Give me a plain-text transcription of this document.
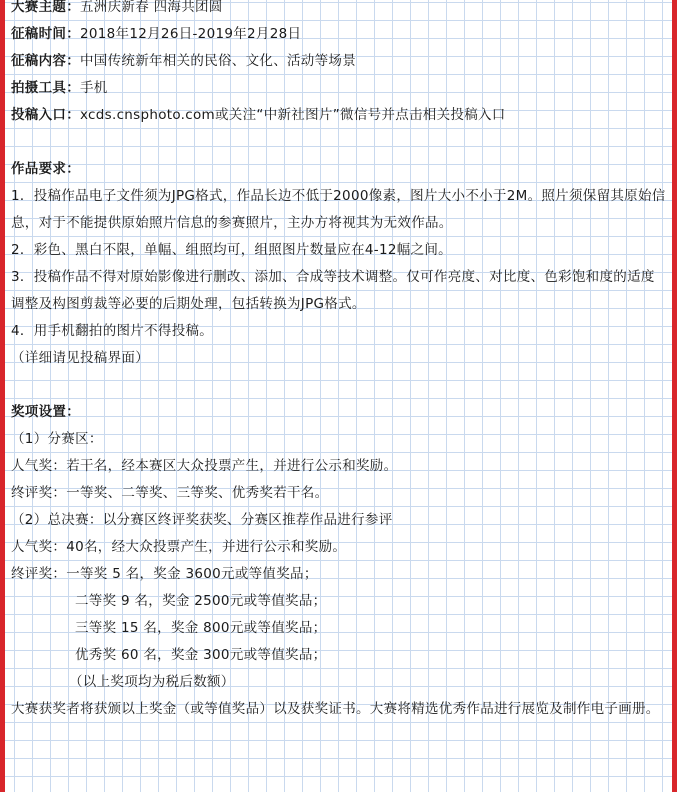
大赛主题：五洲庆新春 四海共团圆
征稿时间：2018年12月26日-2019年2月28日
征稿内容：中国传统新年相关的民俗、文化、活动等场景
拍摄工具：手机
投稿入口：xcds.cnsphoto.com或关注“中新社图片”微信号并点击相关投稿入口
作品要求：
1．投稿作品电子文件须为JPG格式，作品长边不低于2000像素，图片大小不小于2M。照片须保留其原始信息，对于不能提供原始照片信息的参赛照片，主办方将视其为无效作品。
2．彩色、黑白不限，单幅、组照均可，组照图片数量应在4-12幅之间。
3．投稿作品不得对原始影像进行删改、添加、合成等技术调整。仅可作亮度、对比度、色彩饱和度的适度调整及构图剪裁等必要的后期处理，包括转换为JPG格式。
4．用手机翻拍的图片不得投稿。
（详细请见投稿界面）
奖项设置：
（1）分赛区：
人气奖：若干名，经本赛区大众投票产生，并进行公示和奖励。
终评奖：一等奖、二等奖、三等奖、优秀奖若干名。
（2）总决赛：以分赛区终评奖获奖、分赛区推荐作品进行参评
人气奖：40名，经大众投票产生，并进行公示和奖励。
终评奖：一等奖 5 名，奖金 3600元或等值奖品；
二等奖 9 名，奖金 2500元或等值奖品；
三等奖 15 名，奖金 800元或等值奖品；
优秀奖 60 名，奖金 300元或等值奖品；
（以上奖项均为税后数额）
大赛获奖者将获颁以上奖金（或等值奖品）以及获奖证书。大赛将精选优秀作品进行展览及制作电子画册。
